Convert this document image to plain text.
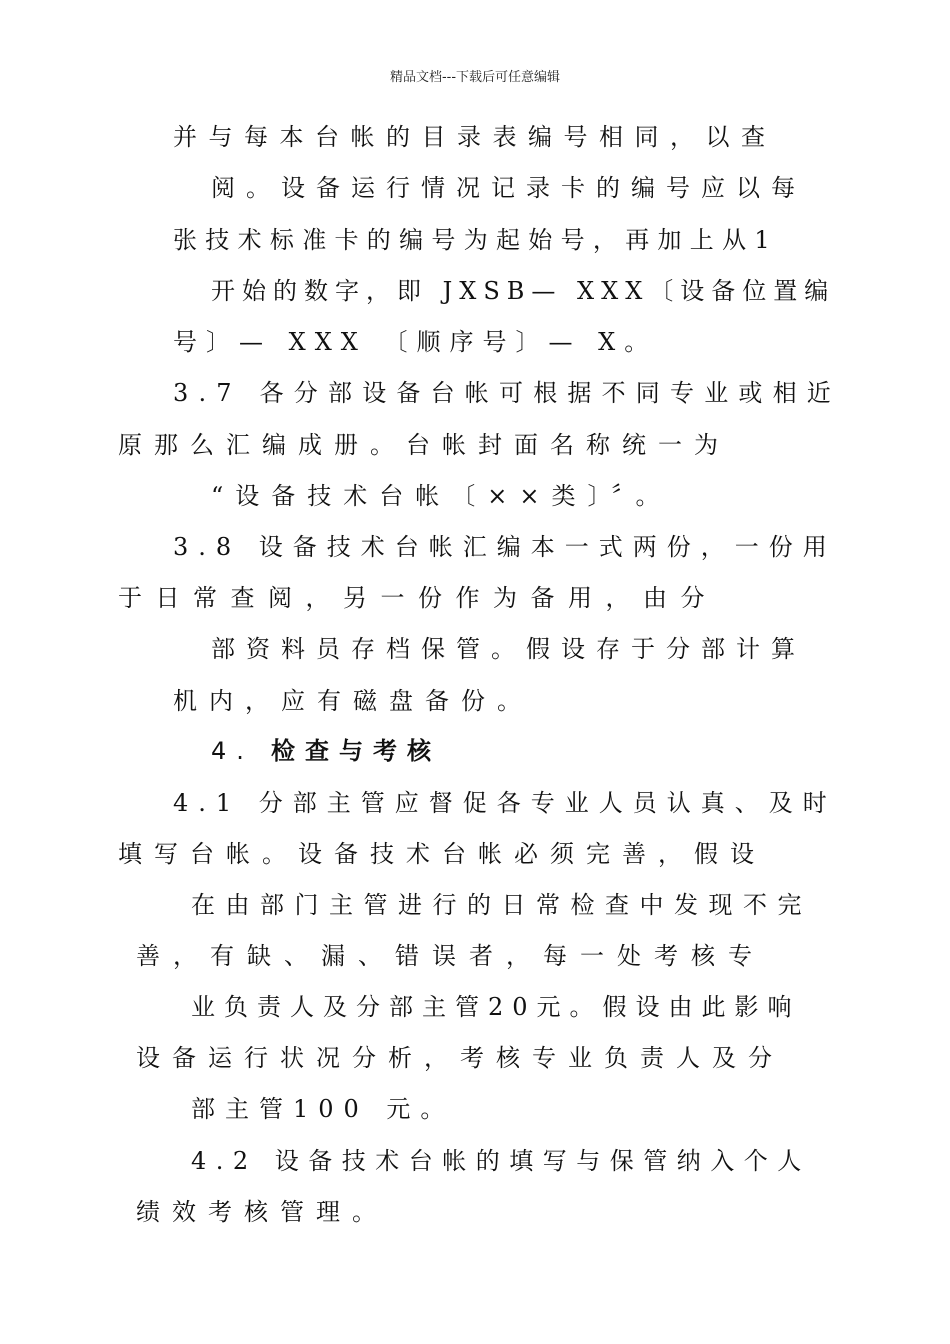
精品文档---下载后可任意编辑
并与每本台帐的目录表编号相同，以查
阅。设备运行情况记录卡的编号应以每
张技术标准卡的编号为起始号，再加上从1
开始的数字，即 JXSB— XXX〔设备位置编
号〕— XXX 〔顺序号〕— X。
3.7 各分部设备台帐可根据不同专业或相近
原那么汇编成册。台帐封面名称统一为
“设备技术台帐〔××类〕〞。
3.8 设备技术台帐汇编本一式两份，一份用
于日常查阅，另一份作为备用，由分
部资料员存档保管。假设存于分部计算
机内，应有磁盘备份。
4. 检查与考核
4.1 分部主管应督促各专业人员认真、及时
填写台帐。设备技术台帐必须完善，假设
在由部门主管进行的日常检查中发现不完
善，有缺、漏、错误者，每一处考核专
业负责人及分部主管20元。假设由此影响
设备运行状况分析，考核专业负责人及分
部主管100 元。
4.2 设备技术台帐的填写与保管纳入个人
绩效考核管理。
